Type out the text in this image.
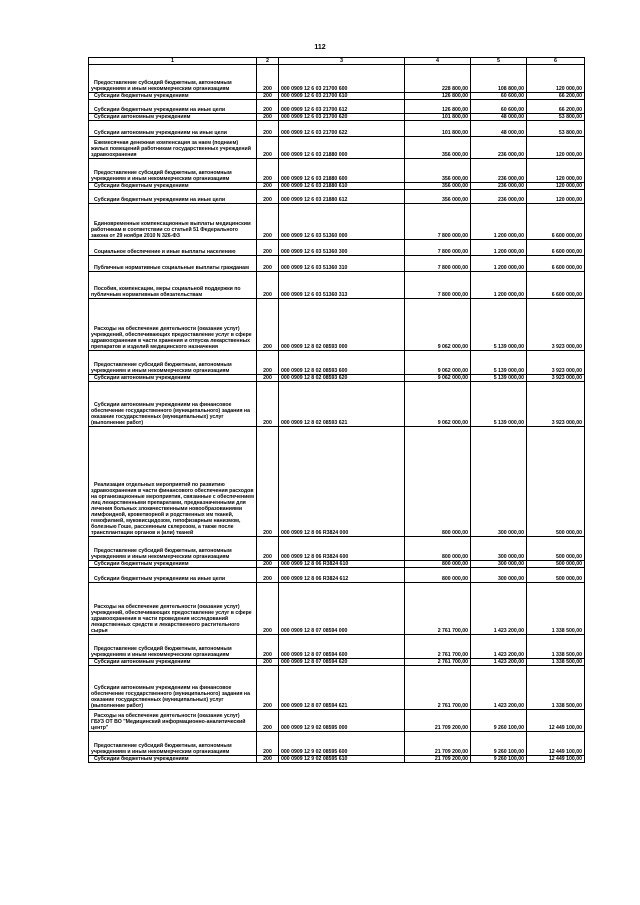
112
1	2	3	4	5	6
Предоставление субсидий бюджетным, автономным учреждениям и иным некоммерческим организациям	200	000 0909 12 6 03 21700 600	228 800,00	108 800,00	120 000,00
Субсидии бюджетным учреждениям	200	000 0909 12 6 03 21700 610	126 800,00	60 600,00	66 200,00
Субсидии бюджетным учреждениям на иные цели	200	000 0909 12 6 03 21700 612	126 800,00	60 600,00	66 200,00
Субсидии автономным учреждениям	200	000 0909 12 6 03 21700 620	101 800,00	48 000,00	53 800,00
Субсидии автономным учреждениям на иные цели	200	000 0909 12 6 03 21700 622	101 800,00	48 000,00	53 800,00
Ежемесячная денежная компенсация за наем (поднаем) жилых помещений работникам государственных учреждений здравоохранения	200	000 0909 12 6 03 21880 000	356 000,00	236 000,00	120 000,00
Предоставление субсидий бюджетным, автономным учреждениям и иным некоммерческим организациям	200	000 0909 12 6 03 21880 600	356 000,00	236 000,00	120 000,00
Субсидии бюджетным учреждениям	200	000 0909 12 6 03 21880 610	356 000,00	236 000,00	120 000,00
Субсидии бюджетным учреждениям на иные цели	200	000 0909 12 6 03 21880 612	356 000,00	236 000,00	120 000,00
Единовременные компенсационные выплаты медицинским работникам в соответствии со статьей 51 Федерального закона от 29 ноября 2010 N 326-ФЗ	200	000 0909 12 6 03 51360 000	7 800 000,00	1 200 000,00	6 600 000,00
Социальное обеспечение и иные выплаты населению	200	000 0909 12 6 03 51360 300	7 800 000,00	1 200 000,00	6 600 000,00
Публичные нормативные социальные выплаты гражданам	200	000 0909 12 6 03 51360 310	7 800 000,00	1 200 000,00	6 600 000,00
Пособия, компенсации, меры социальной поддержки по публичным нормативным обязательствам	200	000 0909 12 6 03 51360 313	7 800 000,00	1 200 000,00	6 600 000,00
Расходы на обеспечение деятельности (оказание услуг) учреждений, обеспечивающих предоставление услуг в сфере здравоохранения в части хранения и отпуска лекарственных препаратов и изделий медицинского назначения	200	000 0909 12 8 02 08593 000	9 062 000,00	5 139 000,00	3 923 000,00
Предоставление субсидий бюджетным, автономным учреждениям и иным некоммерческим организациям	200	000 0909 12 8 02 08593 600	9 062 000,00	5 139 000,00	3 923 000,00
Субсидии автономным учреждениям	200	000 0909 12 8 02 08593 620	9 062 000,00	5 139 000,00	3 923 000,00
Субсидии автономным учреждениям на финансовое обеспечение государственного (муниципального) задания на оказание государственных (муниципальных) услуг (выполнение работ)	200	000 0909 12 8 02 08593 621	9 062 000,00	5 139 000,00	3 923 000,00
Реализация отдельных мероприятий по развитию здравоохранения в части финансового обеспечения расходов на организационные мероприятия, связанные с обеспечением лиц лекарственными препаратами, предназначенными для лечения больных злокачественными новообразованиями лимфоидной, кроветворной и родственных им тканей, гемофилией, муковисцидозом, гипофизарным нанизмом, болезнью Гоше, рассеянным склерозом, а также после трансплантации органов и (или) тканей	200	000 0909 12 8 06 R3824 000	800 000,00	300 000,00	500 000,00
Предоставление субсидий бюджетным, автономным учреждениям и иным некоммерческим организациям	200	000 0909 12 8 06 R3824 600	800 000,00	300 000,00	500 000,00
Субсидии бюджетным учреждениям	200	000 0909 12 8 06 R3824 610	800 000,00	300 000,00	500 000,00
Субсидии бюджетным учреждениям на иные цели	200	000 0909 12 8 06 R3824 612	800 000,00	300 000,00	500 000,00
Расходы на обеспечение деятельности (оказание услуг) учреждений, обеспечивающих предоставление услуг в сфере здравоохранения в части проведения исследований лекарственных средств и лекарственного растительного сырья	200	000 0909 12 8 07 08594 000	2 761 700,00	1 423 200,00	1 338 500,00
Предоставление субсидий бюджетным, автономным учреждениям и иным некоммерческим организациям	200	000 0909 12 8 07 08594 600	2 761 700,00	1 423 200,00	1 338 500,00
Субсидии автономным учреждениям	200	000 0909 12 8 07 08594 620	2 761 700,00	1 423 200,00	1 338 500,00
Субсидии автономным учреждениям на финансовое обеспечение государственного (муниципального) задания на оказание государственных (муниципальных) услуг (выполнение работ)	200	000 0909 12 8 07 08594 621	2 761 700,00	1 423 200,00	1 338 500,00
Расходы на обеспечение деятельности (оказание услуг) ГБУЗ ОТ ВО "Медицинский информационно-аналитический центр"	200	000 0909 12 9 02 08595 000	21 709 200,00	9 260 100,00	12 449 100,00
Предоставление субсидий бюджетным, автономным учреждениям и иным некоммерческим организациям	200	000 0909 12 9 02 08595 600	21 709 200,00	9 260 100,00	12 449 100,00
Субсидии бюджетным учреждениям	200	000 0909 12 9 02 08595 610	21 709 200,00	9 260 100,00	12 449 100,00
